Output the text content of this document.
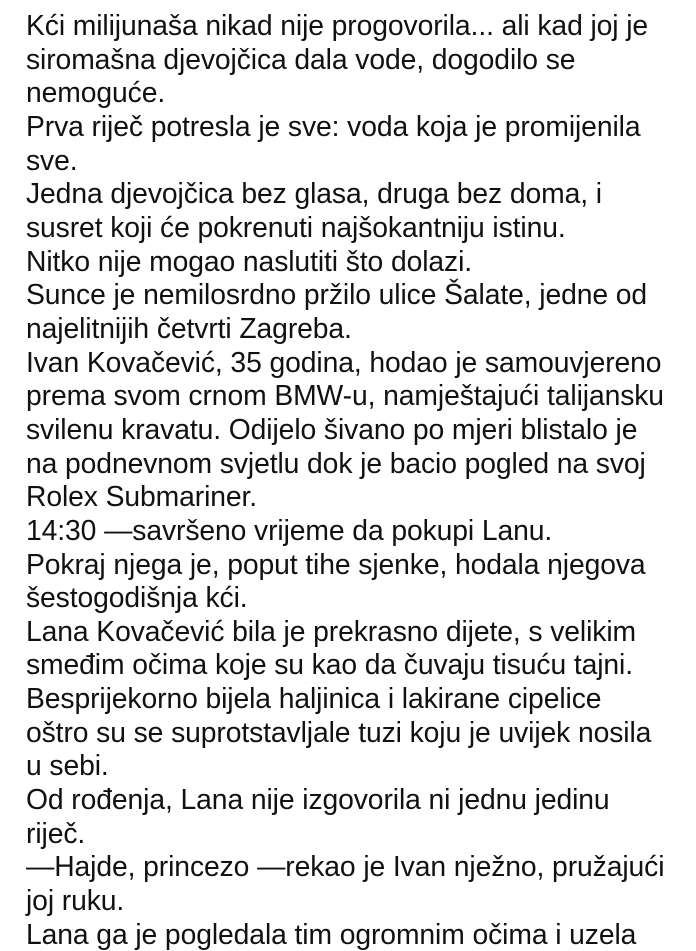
Kći milijunaša nikad nije progovorila... ali kad joj je
siromašna djevojčica dala vode, dogodilo se
nemoguće.

Prva riječ potresla je sve: voda koja je promijenila
sve.

Jedna djevojčica bez glasa, druga bez doma, i
susret koji će pokrenuti najšokantniju istinu.

Nitko nije mogao naslutiti što dolazi.

Sunce je nemilosrdno pržilo ulice Šalate, jedne od
najelitnijih četvrti Zagreba.

Ivan Kovačević, 35 godina, hodao je samouvjereno
prema svom crnom BMW-u, namještajući talijansku
svilenu kravatu. Odijelo šivano po mjeri blistalo je
na podnevnom svjetlu dok je bacio pogled na svoj
Rolex Submariner.

14:30 —savršeno vrijeme da pokupi Lanu.

Pokraj njega je, poput tihe sjenke, hodala njegova
šestogodišnja kći.

Lana Kovačević bila je prekrasno dijete, s velikim
smeđim očima koje su kao da čuvaju tisuću tajni.

Besprijekorno bijela haljinica i lakirane cipelice
oštro su se suprotstavljale tuzi koju je uvijek nosila
u sebi.

Od rođenja, Lana nije izgovorila ni jednu jedinu
riječ.

—Hajde, princezo —rekao je Ivan nježno, pružajući
joj ruku.

Lana ga je pogledala tim ogromnim očima i uzela
